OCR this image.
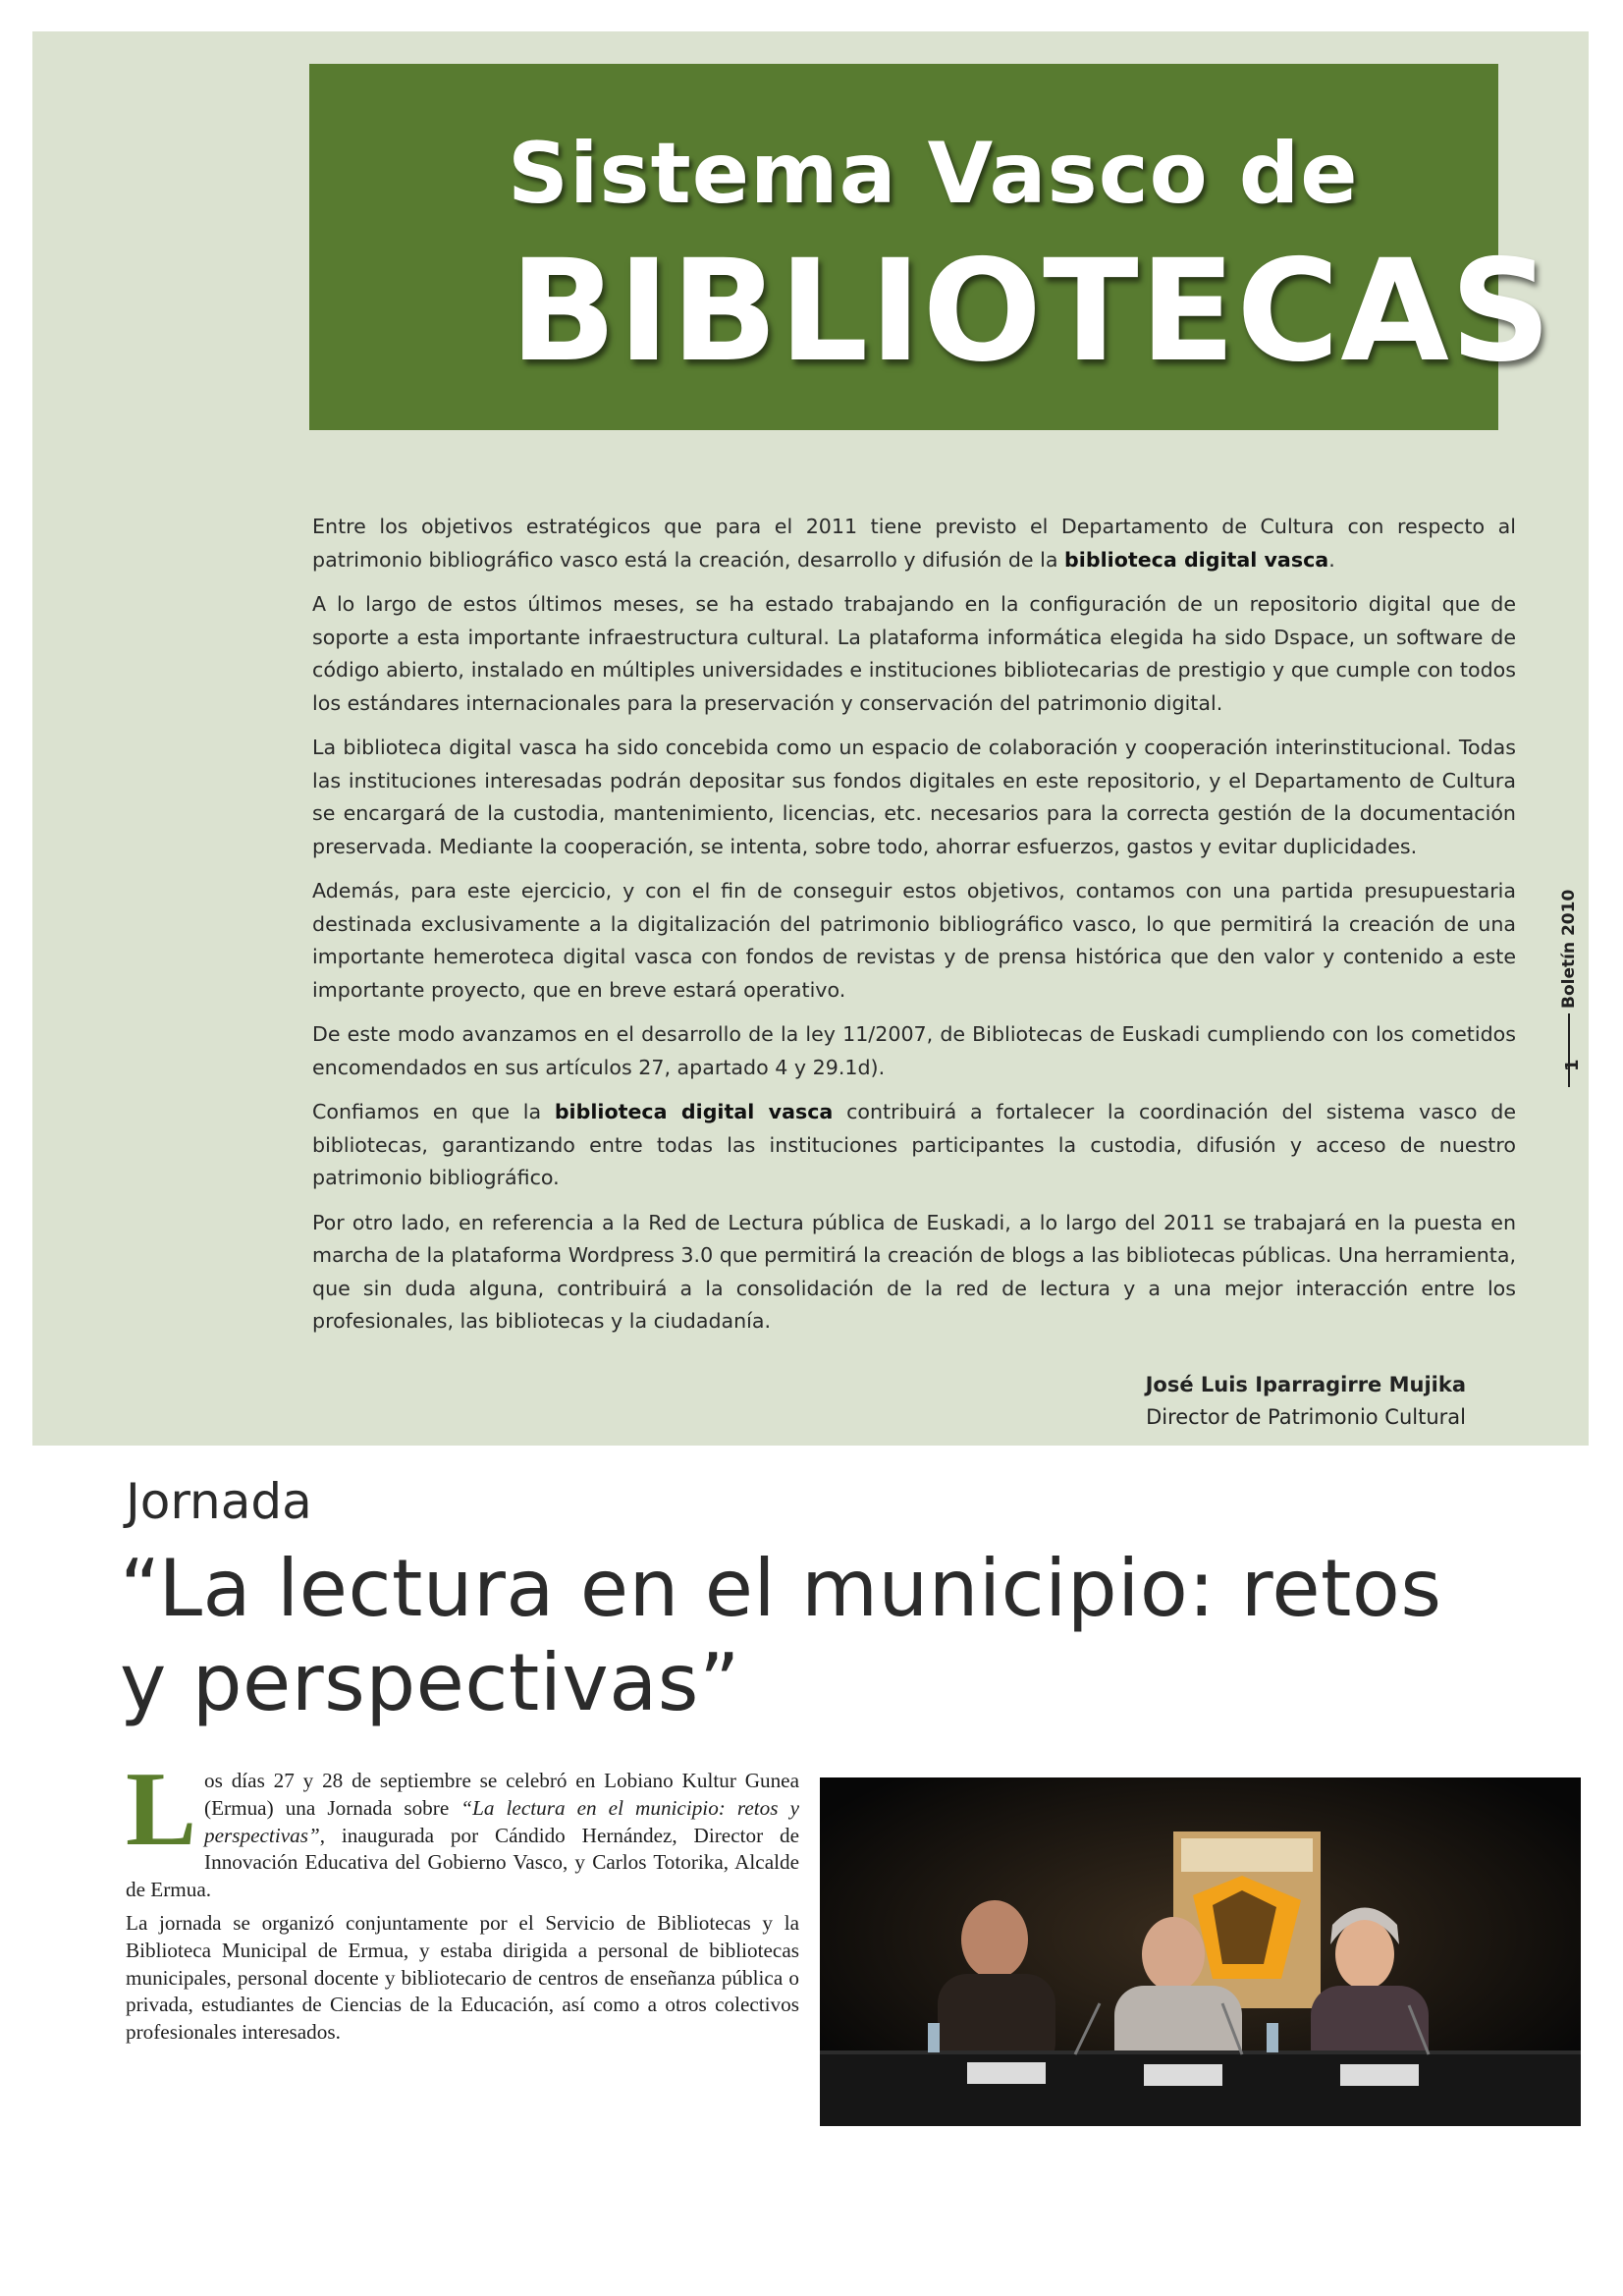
Sistema Vasco de
BIBLIOTECAS

Entre los objetivos estratégicos que para el 2011 tiene previsto el Departamento de Cultura con respecto al patrimonio bibliográfico vasco está la creación, desarrollo y difusión de la biblioteca digital vasca.

A lo largo de estos últimos meses, se ha estado trabajando en la configuración de un repositorio digital que de soporte a esta importante infraestructura cultural. La plataforma informática elegida ha sido Dspace, un software de código abierto, instalado en múltiples universidades e instituciones bibliotecarias de prestigio y que cumple con todos los estándares internacionales para la preservación y conservación del patrimonio digital.

La biblioteca digital vasca ha sido concebida como un espacio de colaboración y cooperación interinstitucional. Todas las instituciones interesadas podrán depositar sus fondos digitales en este repositorio, y el Departamento de Cultura se encargará de la custodia, mantenimiento, licencias, etc. necesarios para la correcta gestión de la documentación preservada. Mediante la cooperación, se intenta, sobre todo, ahorrar esfuerzos, gastos y evitar duplicidades.

Además, para este ejercicio, y con el fin de conseguir estos objetivos, contamos con una partida presupuestaria destinada exclusivamente a la digitalización del patrimonio bibliográfico vasco, lo que permitirá la creación de una importante hemeroteca digital vasca con fondos de revistas y de prensa histórica que den valor y contenido a este importante proyecto, que en breve estará operativo.

De este modo avanzamos en el desarrollo de la ley 11/2007, de Bibliotecas de Euskadi cumpliendo con los cometidos encomendados en sus artículos 27, apartado 4 y 29.1d).

Confiamos en que la biblioteca digital vasca contribuirá a fortalecer la coordinación del sistema vasco de bibliotecas, garantizando entre todas las instituciones participantes la custodia, difusión y acceso de nuestro patrimonio bibliográfico.

Por otro lado, en referencia a la Red de Lectura pública de Euskadi, a lo largo del 2011 se trabajará en la puesta en marcha de la plataforma Wordpress 3.0 que permitirá la creación de blogs a las bibliotecas públicas. Una herramienta, que sin duda alguna, contribuirá a la consolidación de la red de lectura y a una mejor interacción entre los profesionales, las bibliotecas y la ciudadanía.

José Luis Iparragirre Mujika
Director de Patrimonio Cultural
Boletín 2010
1
Jornada
“La lectura en el municipio: retos y perspectivas”

Los días 27 y 28 de septiembre se celebró en Lobiano Kultur Gunea (Ermua) una Jornada sobre “La lectura en el municipio: retos y perspectivas”, inaugurada por Cándido Hernández, Director de Innovación Educativa del Gobierno Vasco, y Carlos Totorika, Alcalde de Ermua.

La jornada se organizó conjuntamente por el Servicio de Bibliotecas y la Biblioteca Municipal de Ermua, y estaba dirigida a personal de bibliotecas municipales, personal docente y bibliotecario de centros de enseñanza pública o privada, estudiantes de Ciencias de la Educación, así como a otros colectivos profesionales interesados.
